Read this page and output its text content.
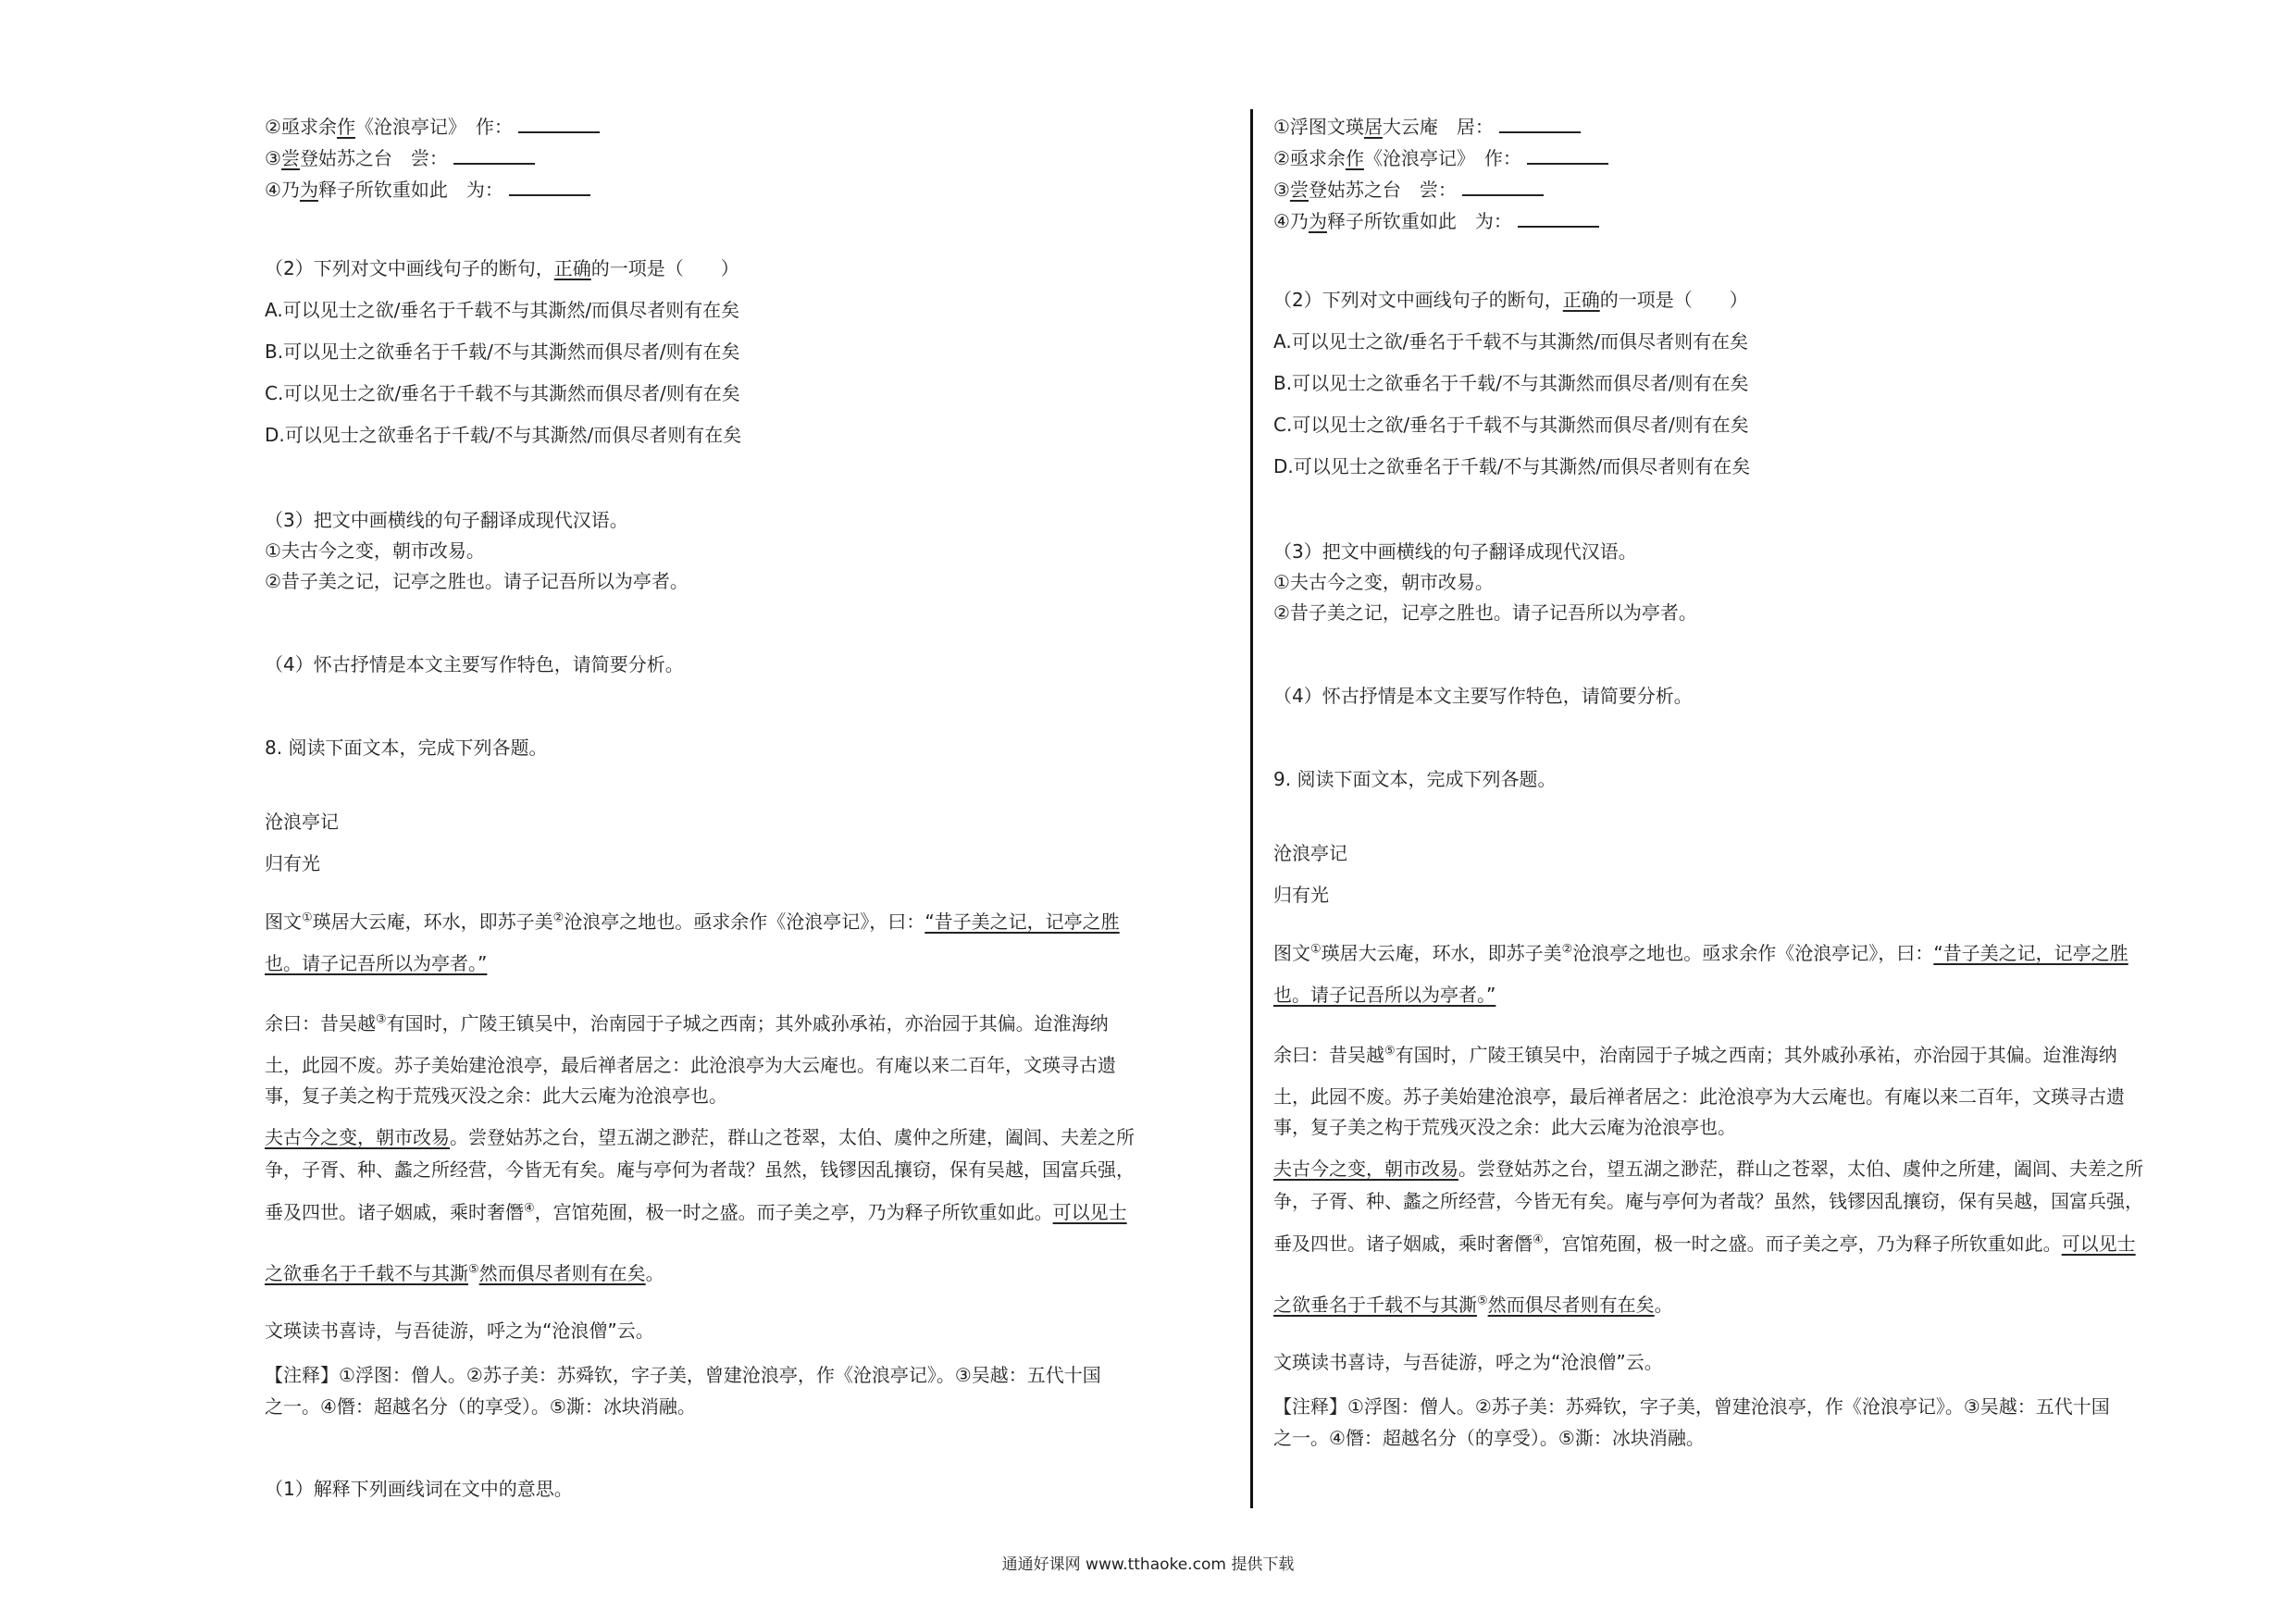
②亟求余作《沧浪亭记》　作：
③尝登姑苏之台　尝：
④乃为释子所钦重如此　为：
（2）下列对文中画线句子的断句，正确的一项是（　　）
A.可以见士之欲/垂名于千载不与其澌然/而俱尽者则有在矣
B.可以见士之欲垂名于千载/不与其澌然而俱尽者/则有在矣
C.可以见士之欲/垂名于千载不与其澌然而俱尽者/则有在矣
D.可以见士之欲垂名于千载/不与其澌然/而俱尽者则有在矣
（3）把文中画横线的句子翻译成现代汉语。
①夫古今之变，朝市改易。
②昔子美之记，记亭之胜也。请子记吾所以为亭者。
（4）怀古抒情是本文主要写作特色，请简要分析。
8. 阅读下面文本，完成下列各题。
沧浪亭记
归有光
图文①瑛居大云庵，环水，即苏子美②沧浪亭之地也。亟求余作《沧浪亭记》，曰：“昔子美之记，记亭之胜
也。请子记吾所以为亭者。”
余曰：昔吴越③有国时，广陵王镇吴中，治南园于子城之西南；其外戚孙承祐，亦治园于其偏。迨淮海纳
土，此园不废。苏子美始建沧浪亭，最后禅者居之：此沧浪亭为大云庵也。有庵以来二百年，文瑛寻古遗
事，复子美之构于荒残灭没之余：此大云庵为沧浪亭也。
夫古今之变，朝市改易。尝登姑苏之台，望五湖之渺茫，群山之苍翠，太伯、虞仲之所建，阖闾、夫差之所
争，子胥、种、蠡之所经营，今皆无有矣。庵与亭何为者哉？虽然，钱镠因乱攘窃，保有吴越，国富兵强，
垂及四世。诸子姻戚，乘时奢僭④，宫馆苑囿，极一时之盛。而子美之亭，乃为释子所钦重如此。可以见士
之欲垂名于千载不与其澌⑤然而俱尽者则有在矣。
文瑛读书喜诗，与吾徒游，呼之为“沧浪僧”云。
【注释】①浮图：僧人。②苏子美：苏舜钦，字子美，曾建沧浪亭，作《沧浪亭记》。③吴越：五代十国
之一。④僭：超越名分（的享受）。⑤澌：冰块消融。
（1）解释下列画线词在文中的意思。
①浮图文瑛居大云庵　居：
②亟求余作《沧浪亭记》　作：
③尝登姑苏之台　尝：
④乃为释子所钦重如此　为：
（2）下列对文中画线句子的断句，正确的一项是（　　）
A.可以见士之欲/垂名于千载不与其澌然/而俱尽者则有在矣
B.可以见士之欲垂名于千载/不与其澌然而俱尽者/则有在矣
C.可以见士之欲/垂名于千载不与其澌然而俱尽者/则有在矣
D.可以见士之欲垂名于千载/不与其澌然/而俱尽者则有在矣
（3）把文中画横线的句子翻译成现代汉语。
①夫古今之变，朝市改易。
②昔子美之记，记亭之胜也。请子记吾所以为亭者。
（4）怀古抒情是本文主要写作特色，请简要分析。
9. 阅读下面文本，完成下列各题。
沧浪亭记
归有光
图文①瑛居大云庵，环水，即苏子美②沧浪亭之地也。亟求余作《沧浪亭记》，曰：“昔子美之记，记亭之胜
也。请子记吾所以为亭者。”
余曰：昔吴越⑤有国时，广陵王镇吴中，治南园于子城之西南；其外戚孙承祐，亦治园于其偏。迨淮海纳
土，此园不废。苏子美始建沧浪亭，最后禅者居之：此沧浪亭为大云庵也。有庵以来二百年，文瑛寻古遗
事，复子美之构于荒残灭没之余：此大云庵为沧浪亭也。
夫古今之变，朝市改易。尝登姑苏之台，望五湖之渺茫，群山之苍翠，太伯、虞仲之所建，阖闾、夫差之所
争，子胥、种、蠡之所经营，今皆无有矣。庵与亭何为者哉？虽然，钱镠因乱攘窃，保有吴越，国富兵强，
垂及四世。诸子姻戚，乘时奢僭④，宫馆苑囿，极一时之盛。而子美之亭，乃为释子所钦重如此。可以见士
之欲垂名于千载不与其澌⑤然而俱尽者则有在矣。
文瑛读书喜诗，与吾徒游，呼之为“沧浪僧”云。
【注释】①浮图：僧人。②苏子美：苏舜钦，字子美，曾建沧浪亭，作《沧浪亭记》。③吴越：五代十国
之一。④僭：超越名分（的享受）。⑤澌：冰块消融。
通通好课网 www.tthaoke.com 提供下载
